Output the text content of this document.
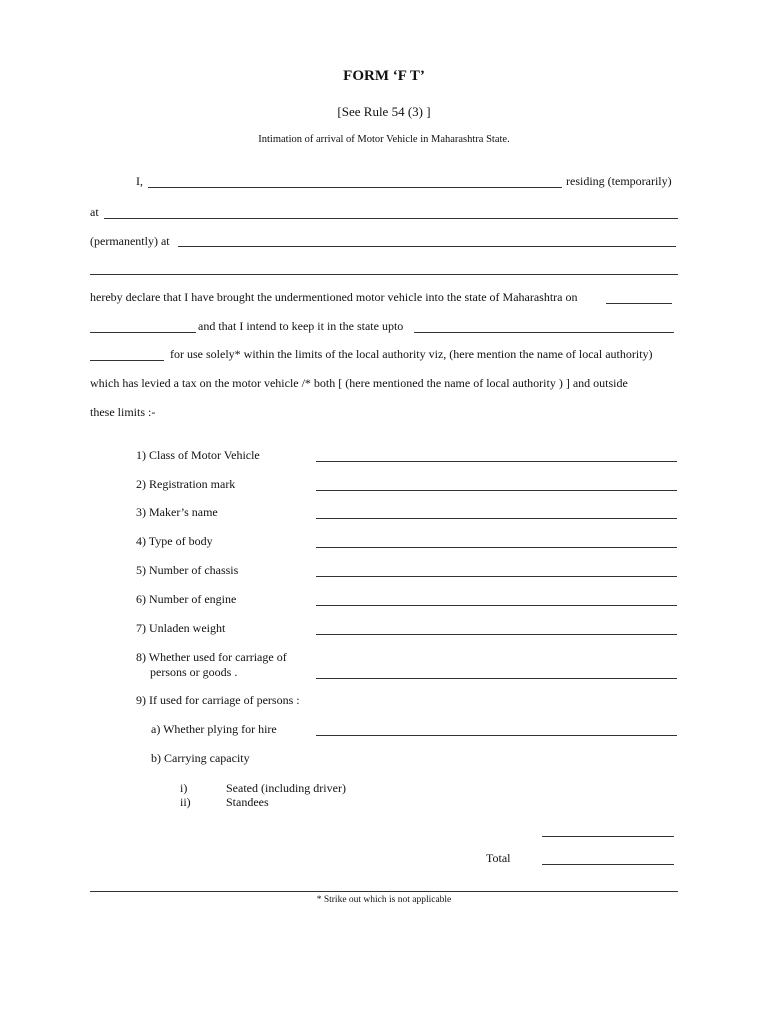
FORM ‘F T’
[See Rule 54 (3) ]
Intimation of arrival of Motor Vehicle in Maharashtra State.
I,	residing (temporarily)
at
(permanently) at
hereby declare that I have brought the undermentioned motor vehicle into the state of Maharashtra on
and that I intend to keep it in the state upto
for use solely* within the limits of the local authority viz, (here mention the name of local authority)
which has levied a tax on the motor vehicle /* both [ (here mentioned the name of local authority ) ] and outside
these limits :-
1) Class of Motor Vehicle
2) Registration mark
3) Maker’s name
4) Type of body
5) Number of chassis
6) Number of engine
7) Unladen weight
8) Whether used for carriage of
persons or goods .
9) If used for carriage of persons :
a) Whether plying for hire
b) Carrying capacity
i)	Seated (including driver)
ii)	Standees
Total
* Strike out which is not applicable
